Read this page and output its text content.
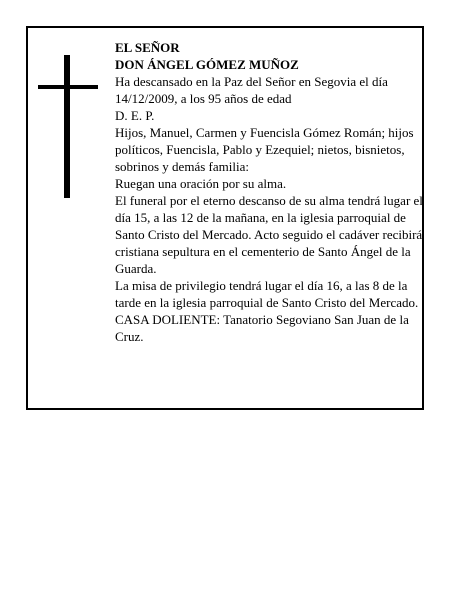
EL SEÑOR

DON ÁNGEL GÓMEZ MUÑOZ

Ha descansado en la Paz del Señor en Segovia el día 14/12/2009, a los 95 años de edad

D. E. P.

Hijos, Manuel, Carmen y Fuencisla Gómez Román; hijos políticos, Fuencisla, Pablo y Ezequiel; nietos, bisnietos, sobrinos y demás familia:

Ruegan una oración por su alma.

El funeral por el eterno descanso de su alma tendrá lugar el día 15, a las 12 de la mañana, en la iglesia parroquial de Santo Cristo del Mercado. Acto seguido el cadáver recibirá cristiana sepultura en el cementerio de Santo Ángel de la Guarda.

La misa de privilegio tendrá lugar el día 16, a las 8 de la tarde en la iglesia parroquial de Santo Cristo del Mercado.

CASA DOLIENTE: Tanatorio Segoviano San Juan de la Cruz.
